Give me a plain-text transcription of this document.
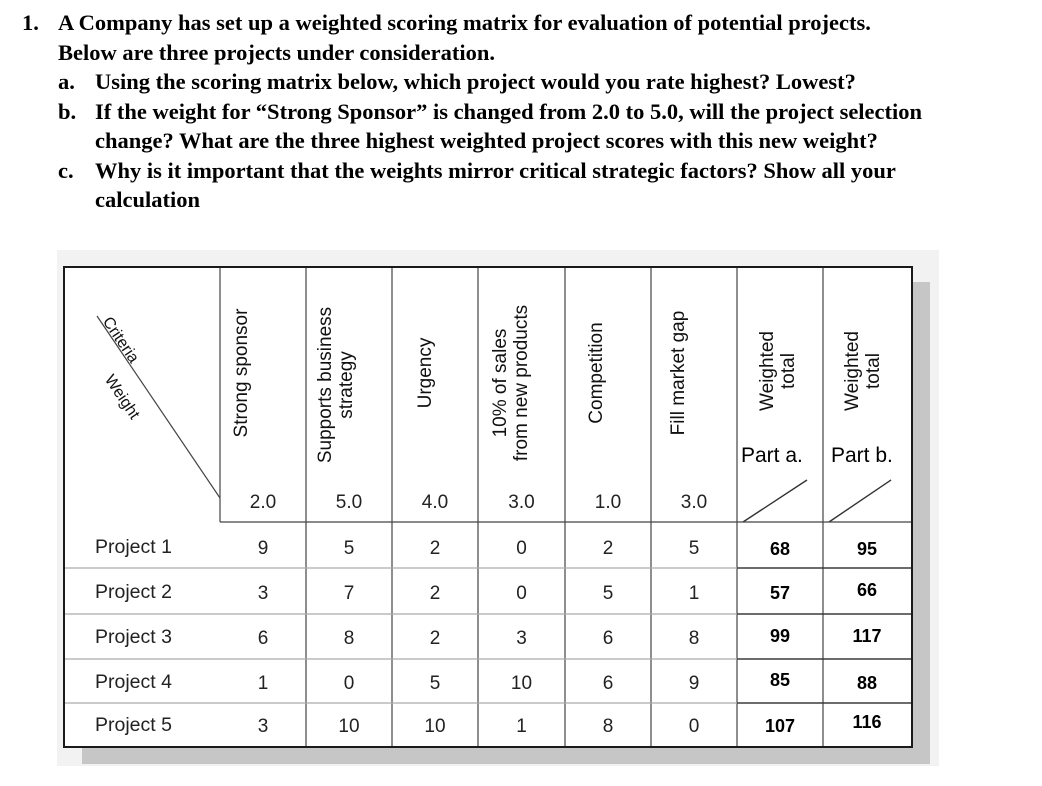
1. A Company has set up a weighted scoring matrix for evaluation of potential projects.
Below are three projects under consideration.
a. Using the scoring matrix below, which project would you rate highest? Lowest?
b. If the weight for “Strong Sponsor” is changed from 2.0 to 5.0, will the project selection
change? What are the three highest weighted project scores with this new weight?
c. Why is it important that the weights mirror critical strategic factors? Show all your
calculation
Criteria
Weight	Strong sponsor	Supports business strategy	Urgency	10% of sales from new products	Competition	Fill market gap	Weighted total Weighted total
Part a. Part b.
2.0	5.0	4.0	3.0	1.0	3.0
Project 1	9	5	2	0	2	5	68	95
Project 2	3	7	2	0	5	1	57	66
Project 3	6	8	2	3	6	8	99	117
Project 4	1	0	5	10	6	9	85	88
Project 5	3	10	10	1	8	0	107	116
